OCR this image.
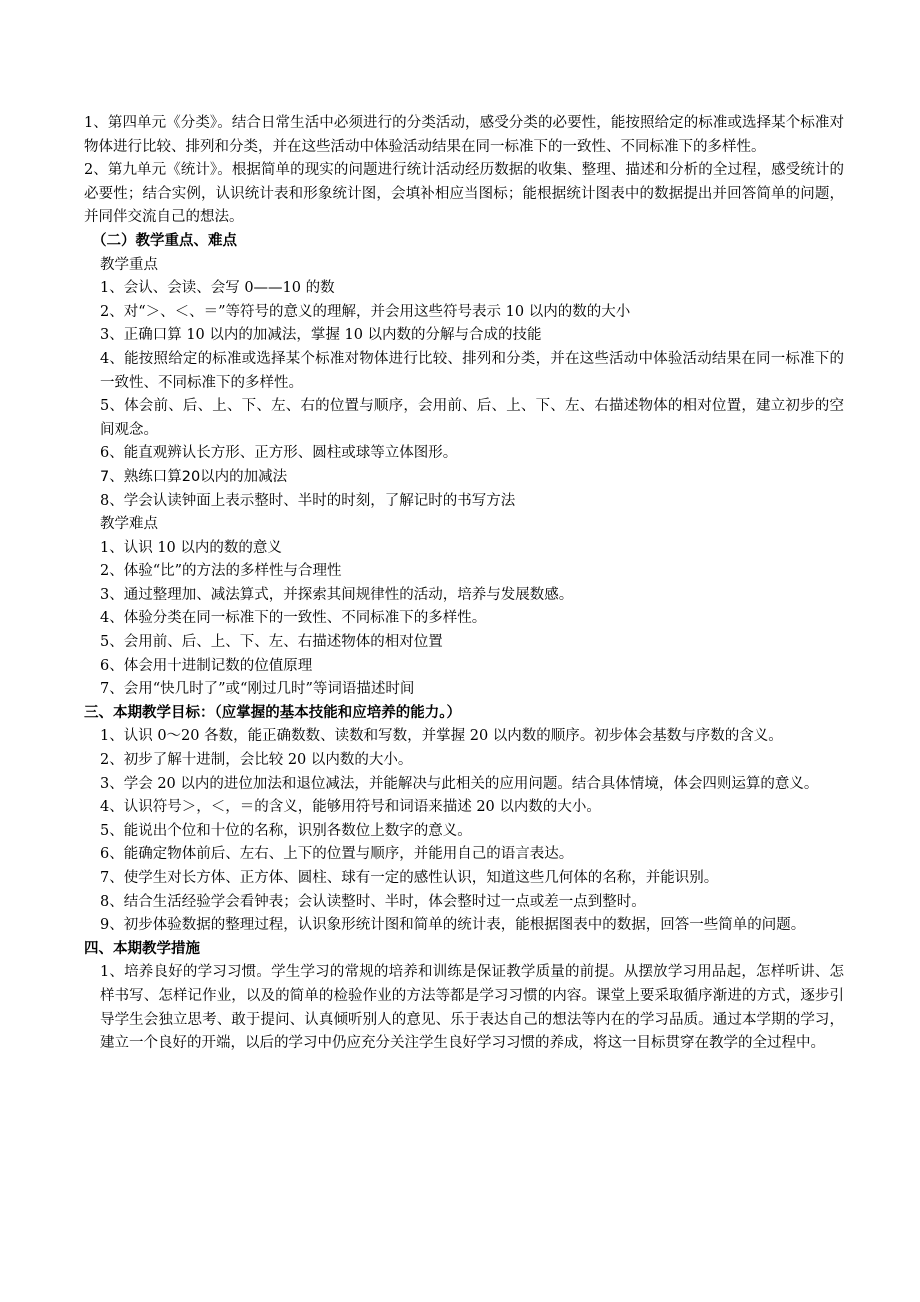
1、第四单元《分类》。结合日常生活中必须进行的分类活动，感受分类的必要性，能按照给定的标准或选择某个标准对物体进行比较、排列和分类，并在这些活动中体验活动结果在同一标准下的一致性、不同标准下的多样性。

2、第九单元《统计》。根据简单的现实的问题进行统计活动经历数据的收集、整理、描述和分析的全过程，感受统计的必要性；结合实例，认识统计表和形象统计图，会填补相应当图标；能根据统计图表中的数据提出并回答简单的问题，并同伴交流自己的想法。

（二）教学重点、难点

教学重点

1、会认、会读、会写 0——10 的数

2、对“＞、＜、＝”等符号的意义的理解，并会用这些符号表示 10 以内的数的大小

3、正确口算 10 以内的加减法，掌握 10 以内数的分解与合成的技能

4、能按照给定的标准或选择某个标准对物体进行比较、排列和分类，并在这些活动中体验活动结果在同一标准下的一致性、不同标准下的多样性。

5、体会前、后、上、下、左、右的位置与顺序，会用前、后、上、下、左、右描述物体的相对位置，建立初步的空间观念。

6、能直观辨认长方形、正方形、圆柱或球等立体图形。

7、熟练口算20以内的加减法

8、学会认读钟面上表示整时、半时的时刻，了解记时的书写方法

教学难点

1、认识 10 以内的数的意义

2、体验“比”的方法的多样性与合理性

3、通过整理加、减法算式，并探索其间规律性的活动，培养与发展数感。

4、体验分类在同一标准下的一致性、不同标准下的多样性。

5、会用前、后、上、下、左、右描述物体的相对位置

6、体会用十进制记数的位值原理

7、会用“快几时了”或“刚过几时”等词语描述时间

三、本期教学目标：（应掌握的基本技能和应培养的能力。）

1、认识 0～20 各数，能正确数数、读数和写数，并掌握 20 以内数的顺序。初步体会基数与序数的含义。

2、初步了解十进制，会比较 20 以内数的大小。

3、学会 20 以内的进位加法和退位减法，并能解决与此相关的应用问题。结合具体情境，体会四则运算的意义。

4、认识符号＞，＜，＝的含义，能够用符号和词语来描述 20 以内数的大小。

5、能说出个位和十位的名称，识别各数位上数字的意义。

6、能确定物体前后、左右、上下的位置与顺序，并能用自己的语言表达。

7、使学生对长方体、正方体、圆柱、球有一定的感性认识，知道这些几何体的名称，并能识别。

8、结合生活经验学会看钟表；会认读整时、半时，体会整时过一点或差一点到整时。

9、初步体验数据的整理过程，认识象形统计图和简单的统计表，能根据图表中的数据，回答一些简单的问题。

四、本期教学措施

1、培养良好的学习习惯。学生学习的常规的培养和训练是保证教学质量的前提。从摆放学习用品起，怎样听讲、怎样书写、怎样记作业，以及的简单的检验作业的方法等都是学习习惯的内容。课堂上要采取循序渐进的方式，逐步引导学生会独立思考、敢于提问、认真倾听别人的意见、乐于表达自己的想法等内在的学习品质。通过本学期的学习，建立一个良好的开端，以后的学习中仍应充分关注学生良好学习习惯的养成，将这一目标贯穿在教学的全过程中。
